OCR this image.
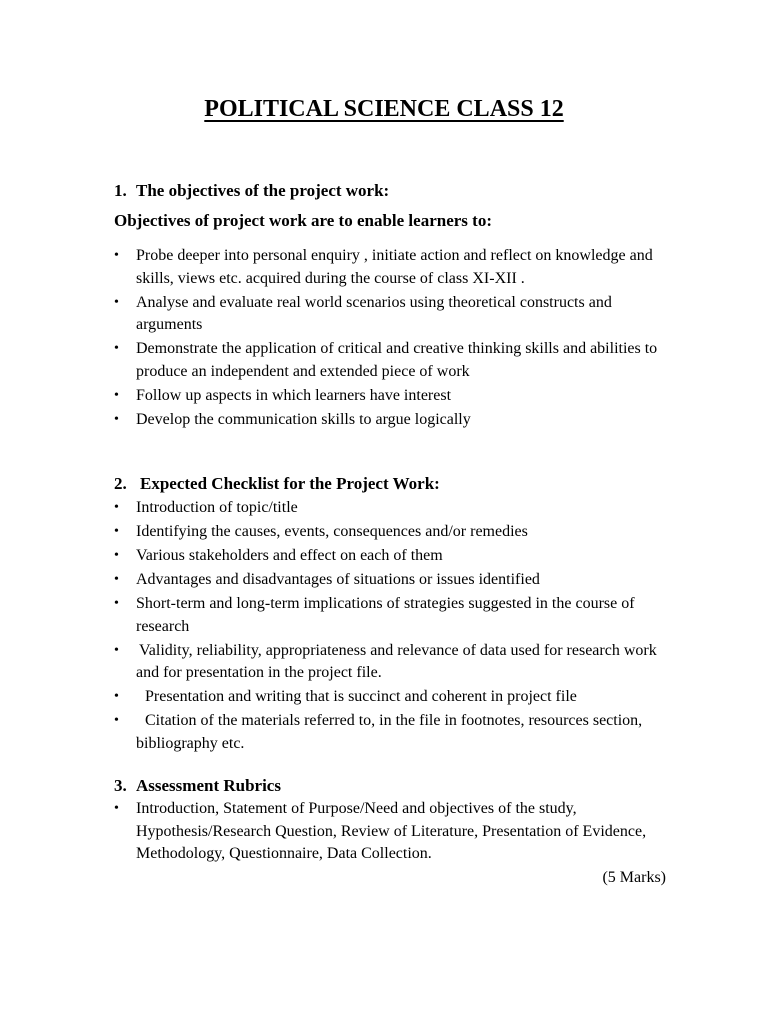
POLITICAL SCIENCE CLASS 12
1. The objectives of the project work:
Objectives of project work are to enable learners to:
• Probe deeper into personal enquiry , initiate action and reflect on knowledge and skills, views etc. acquired during the course of class XI-XII .
• Analyse and evaluate real world scenarios using theoretical constructs and arguments
• Demonstrate the application of critical and creative thinking skills and abilities to produce an independent and extended piece of work
• Follow up aspects in which learners have interest
• Develop the communication skills to argue logically
2. Expected Checklist for the Project Work:
• Introduction of topic/title
• Identifying the causes, events, consequences and/or remedies
• Various stakeholders and effect on each of them
• Advantages and disadvantages of situations or issues identified
• Short-term and long-term implications of strategies suggested in the course of research
• Validity, reliability, appropriateness and relevance of data used for research work and for presentation in the project file.
• Presentation and writing that is succinct and coherent in project file
• Citation of the materials referred to, in the file in footnotes, resources section, bibliography etc.
3. Assessment Rubrics
• Introduction, Statement of Purpose/Need and objectives of the study, Hypothesis/Research Question, Review of Literature, Presentation of Evidence, Methodology, Questionnaire, Data Collection.
(5 Marks)
